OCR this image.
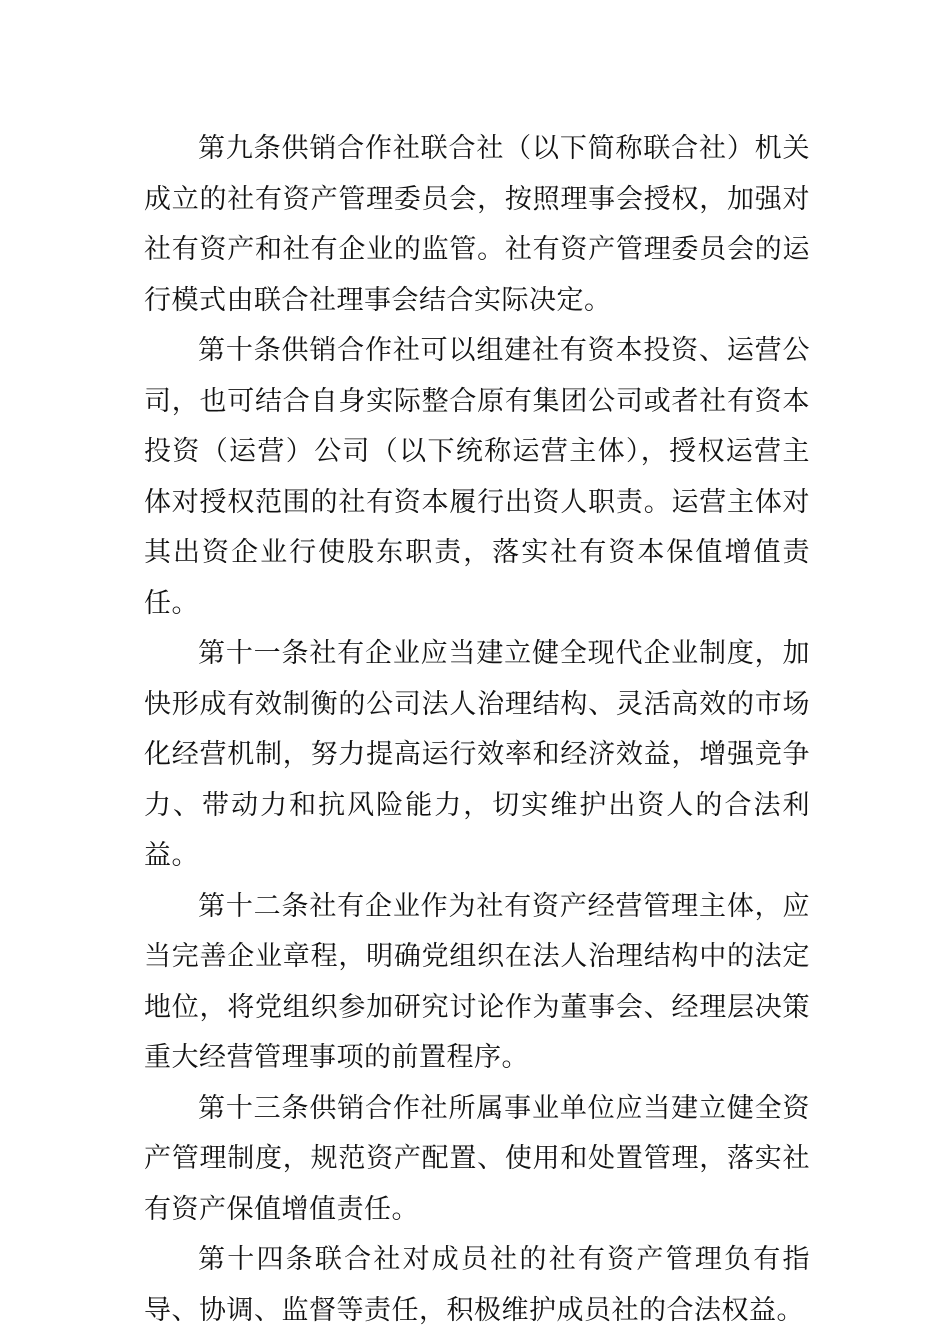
第九条供销合作社联合社（以下简称联合社）机关成立的社有资产管理委员会，按照理事会授权，加强对社有资产和社有企业的监管。社有资产管理委员会的运行模式由联合社理事会结合实际决定。

第十条供销合作社可以组建社有资本投资、运营公司，也可结合自身实际整合原有集团公司或者社有资本投资（运营）公司（以下统称运营主体），授权运营主体对授权范围的社有资本履行出资人职责。运营主体对其出资企业行使股东职责，落实社有资本保值增值责任。

第十一条社有企业应当建立健全现代企业制度，加快形成有效制衡的公司法人治理结构、灵活高效的市场化经营机制，努力提高运行效率和经济效益，增强竞争力、带动力和抗风险能力，切实维护出资人的合法利益。

第十二条社有企业作为社有资产经营管理主体，应当完善企业章程，明确党组织在法人治理结构中的法定地位，将党组织参加研究讨论作为董事会、经理层决策重大经营管理事项的前置程序。

第十三条供销合作社所属事业单位应当建立健全资产管理制度，规范资产配置、使用和处置管理，落实社有资产保值增值责任。

第十四条联合社对成员社的社有资产管理负有指导、协调、监督等责任，积极维护成员社的合法权益。
